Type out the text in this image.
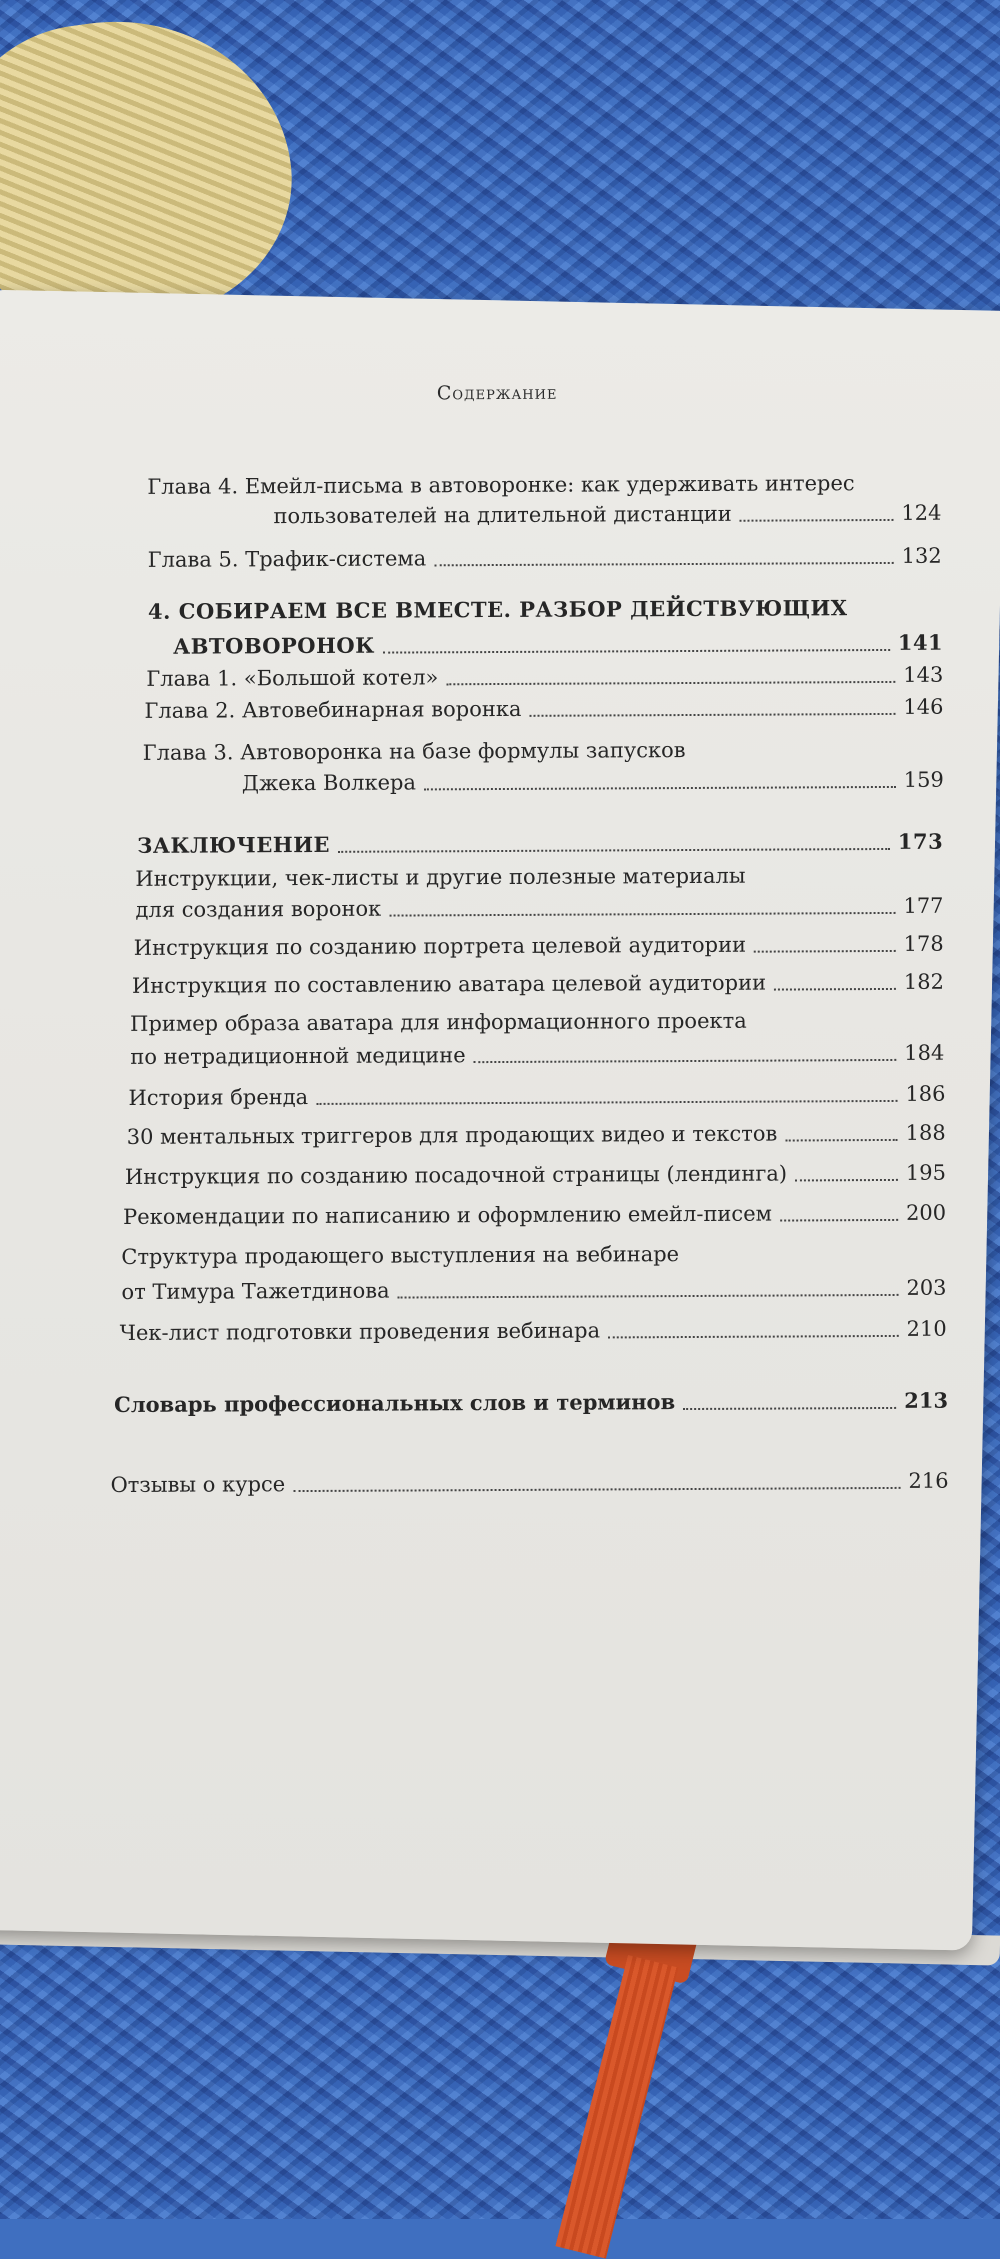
Содержание
Глава 4. Емейл-письма в автоворонке: как удерживать интерес
пользователей на длительной дистанции	124
Глава 5. Трафик-система	132
4. СОБИРАЕМ ВСЕ ВМЕСТЕ. РАЗБОР ДЕЙСТВУЮЩИХ
АВТОВОРОНОК	141
Глава 1. «Большой котел»	143
Глава 2. Автовебинарная воронка	146
Глава 3. Автоворонка на базе формулы запусков
Джека Волкера	159
ЗАКЛЮЧЕНИЕ	173
Инструкции, чек-листы и другие полезные материалы
для создания воронок	177
Инструкция по созданию портрета целевой аудитории	178
Инструкция по составлению аватара целевой аудитории	182
Пример образа аватара для информационного проекта
по нетрадиционной медицине	184
История бренда	186
30 ментальных триггеров для продающих видео и текстов	188
Инструкция по созданию посадочной страницы (лендинга)	195
Рекомендации по написанию и оформлению емейл-писем	200
Структура продающего выступления на вебинаре
от Тимура Тажетдинова	203
Чек-лист подготовки проведения вебинара	210
Словарь профессиональных слов и терминов	213
Отзывы о курсе	216
